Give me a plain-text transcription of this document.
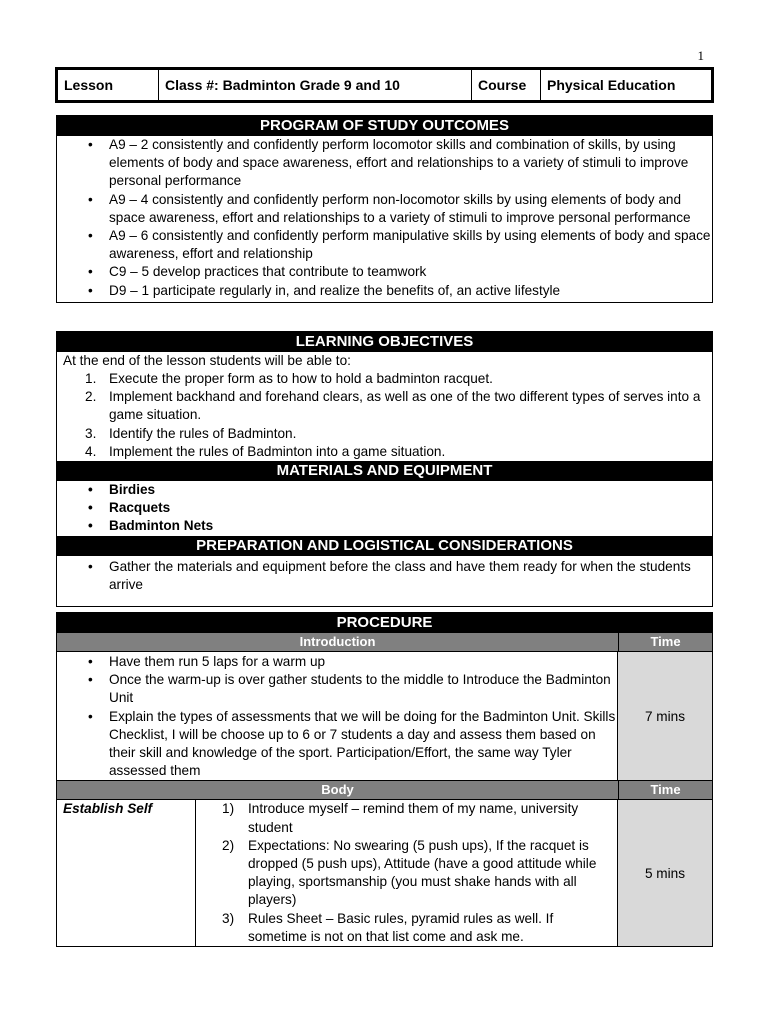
1
Lesson	Class #: Badminton Grade 9 and 10	Course	Physical Education
PROGRAM OF STUDY OUTCOMES
• A9 – 2 consistently and confidently perform locomotor skills and combination of skills, by using elements of body and space awareness, effort and relationships to a variety of stimuli to improve personal performance
• A9 – 4 consistently and confidently perform non-locomotor skills by using elements of body and space awareness, effort and relationships to a variety of stimuli to improve personal performance
• A9 – 6 consistently and confidently perform manipulative skills by using elements of body and space awareness, effort and relationship
• C9 – 5 develop practices that contribute to teamwork
• D9 – 1 participate regularly in, and realize the benefits of, an active lifestyle
LEARNING OBJECTIVES
At the end of the lesson students will be able to:
Execute the proper form as to how to hold a badminton racquet.
Implement backhand and forehand clears, as well as one of the two different types of serves into a game situation.
Identify the rules of Badminton.
Implement the rules of Badminton into a game situation.
MATERIALS AND EQUIPMENT
• Birdies
• Racquets
• Badminton Nets
PREPARATION AND LOGISTICAL CONSIDERATIONS
• Gather the materials and equipment before the class and have them ready for when the students arrive
PROCEDURE
Introduction	Time
• Have them run 5 laps for a warm up
• Once the warm-up is over gather students to the middle to Introduce the Badminton Unit
• Explain the types of assessments that we will be doing for the Badminton Unit. Skills Checklist, I will be choose up to 6 or 7 students a day and assess them based on their skill and knowledge of the sport. Participation/Effort, the same way Tyler assessed them
7 mins
Body	Time
Establish Self	Introduce myself – remind them of my name, university student
Expectations: No swearing (5 push ups), If the racquet is dropped (5 push ups), Attitude (have a good attitude while playing, sportsmanship (you must shake hands with all players)
Rules Sheet – Basic rules, pyramid rules as well. If sometime is not on that list come and ask me.
5 mins
